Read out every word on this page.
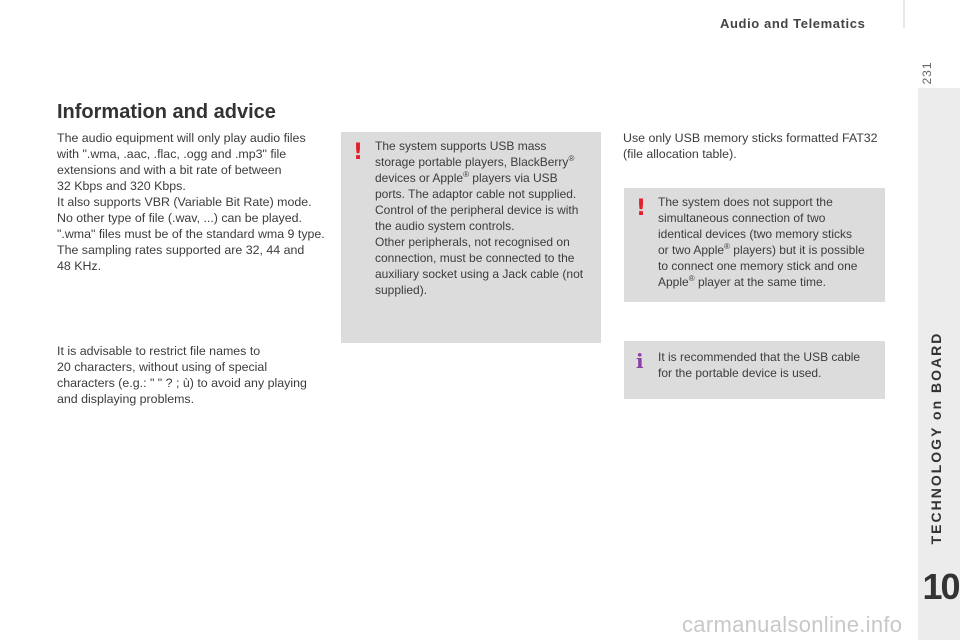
Audio and Telematics
231
TECHNOLOGY on BOARD
10
Information and advice

The audio equipment will only play audio files

with ".wma, .aac, .flac, .ogg and .mp3" file

extensions and with a bit rate of between

32 Kbps and 320 Kbps.

It also supports VBR (Variable Bit Rate) mode.

No other type of file (.wav, ...) can be played.

".wma" files must be of the standard wma 9 type.

The sampling rates supported are 32, 44 and

48 KHz.

It is advisable to restrict file names to

20 characters, without using of special

characters (e.g.: " " ? ; ù) to avoid any playing

and displaying problems.

! The system supports USB mass

storage portable players, BlackBerry®

devices or Apple® players via USB

ports. The adaptor cable not supplied.

Control of the peripheral device is with

the audio system controls.

Other peripherals, not recognised on

connection, must be connected to the

auxiliary socket using a Jack cable (not

supplied).

Use only USB memory sticks formatted FAT32

(file allocation table).

! The system does not support the

simultaneous connection of two

identical devices (two memory sticks

or two Apple® players) but it is possible

to connect one memory stick and one

Apple® player at the same time.

i It is recommended that the USB cable

for the portable device is used.

carmanualsonline.info
